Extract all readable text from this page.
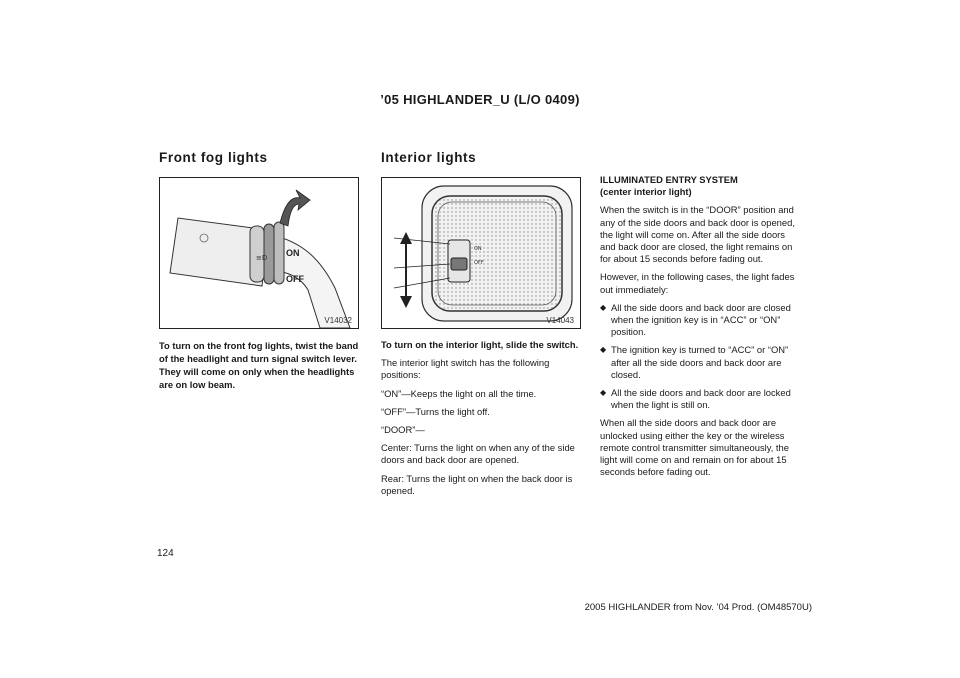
’05 HIGHLANDER_U (L/O 0409)
Front fog lights
≡D ON
OFF
V14032
To turn on the front fog lights, twist the band of the headlight and turn signal switch lever. They will come on only when the headlights are on low beam.
Interior lights
ON
OFF
V14043

To turn on the interior light, slide the switch.

The interior light switch has the following positions:

“ON”—Keeps the light on all the time.

“OFF”—Turns the light off.

“DOOR”—

Center: Turns the light on when any of the side doors and back door are opened.

Rear: Turns the light on when the back door is opened.

ILLUMINATED ENTRY SYSTEM
(center interior light)

When the switch is in the “DOOR” position and any of the side doors and back door is opened, the light will come on. After all the side doors and back door are closed, the light remains on for about 15 seconds before fading out.

However, in the following cases, the light fades out immediately:

◆ All the side doors and back door are closed when the ignition key is in “ACC” or “ON” position.
◆ The ignition key is turned to “ACC” or “ON” after all the side doors and back door are closed.
◆ All the side doors and back door are locked when the light is still on.

When all the side doors and back door are unlocked using either the key or the wireless remote control transmitter simultaneously, the light will come on and remain on for about 15 seconds before fading out.

124
2005 HIGHLANDER from Nov. ’04 Prod. (OM48570U)
